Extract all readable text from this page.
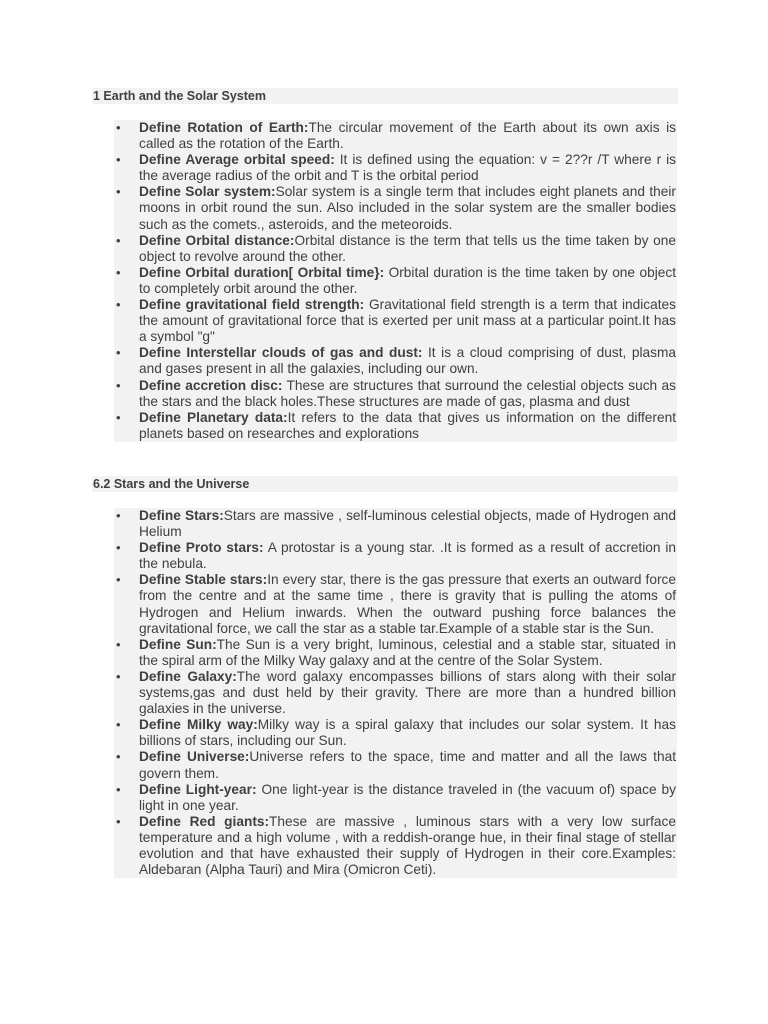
1 Earth and the Solar System
• Define Rotation of Earth:The circular movement of the Earth about its own axis is called as the rotation of the Earth.
• Define Average orbital speed: It is defined using the equation: v = 2??r /T where r is the average radius of the orbit and T is the orbital period
• Define Solar system:Solar system is a single term that includes eight planets and their moons in orbit round the sun. Also included in the solar system are the smaller bodies such as the comets., asteroids, and the meteoroids.
• Define Orbital distance:Orbital distance is the term that tells us the time taken by one object to revolve around the other.
• Define Orbital duration[ Orbital time}: Orbital duration is the time taken by one object to completely orbit around the other.
• Define gravitational field strength: Gravitational field strength is a term that indicates the amount of gravitational force that is exerted per unit mass at a particular point.It has a symbol "g"
• Define Interstellar clouds of gas and dust: It is a cloud comprising of dust, plasma and gases present in all the galaxies, including our own.
• Define accretion disc: These are structures that surround the celestial objects such as the stars and the black holes.These structures are made of gas, plasma and dust
• Define Planetary data:It refers to the data that gives us information on the different planets based on researches and explorations
6.2 Stars and the Universe
• Define Stars:Stars are massive , self-luminous celestial objects, made of Hydrogen and Helium
• Define Proto stars: A protostar is a young star. .It is formed as a result of accretion in the nebula.
• Define Stable stars:In every star, there is the gas pressure that exerts an outward force from the centre and at the same time , there is gravity that is pulling the atoms of Hydrogen and Helium inwards. When the outward pushing force balances the gravitational force, we call the star as a stable tar.Example of a stable star is the Sun.
• Define Sun:The Sun is a very bright, luminous, celestial and a stable star, situated in the spiral arm of the Milky Way galaxy and at the centre of the Solar System.
• Define Galaxy:The word galaxy encompasses billions of stars along with their solar systems,gas and dust held by their gravity. There are more than a hundred billion galaxies in the universe.
• Define Milky way:Milky way is a spiral galaxy that includes our solar system. It has billions of stars, including our Sun.
• Define Universe:Universe refers to the space, time and matter and all the laws that govern them.
• Define Light-year: One light-year is the distance traveled in (the vacuum of) space by light in one year.
• Define Red giants:These are massive , luminous stars with a very low surface temperature and a high volume , with a reddish-orange hue, in their final stage of stellar evolution and that have exhausted their supply of Hydrogen in their core.Examples: Aldebaran (Alpha Tauri) and Mira (Omicron Ceti).
